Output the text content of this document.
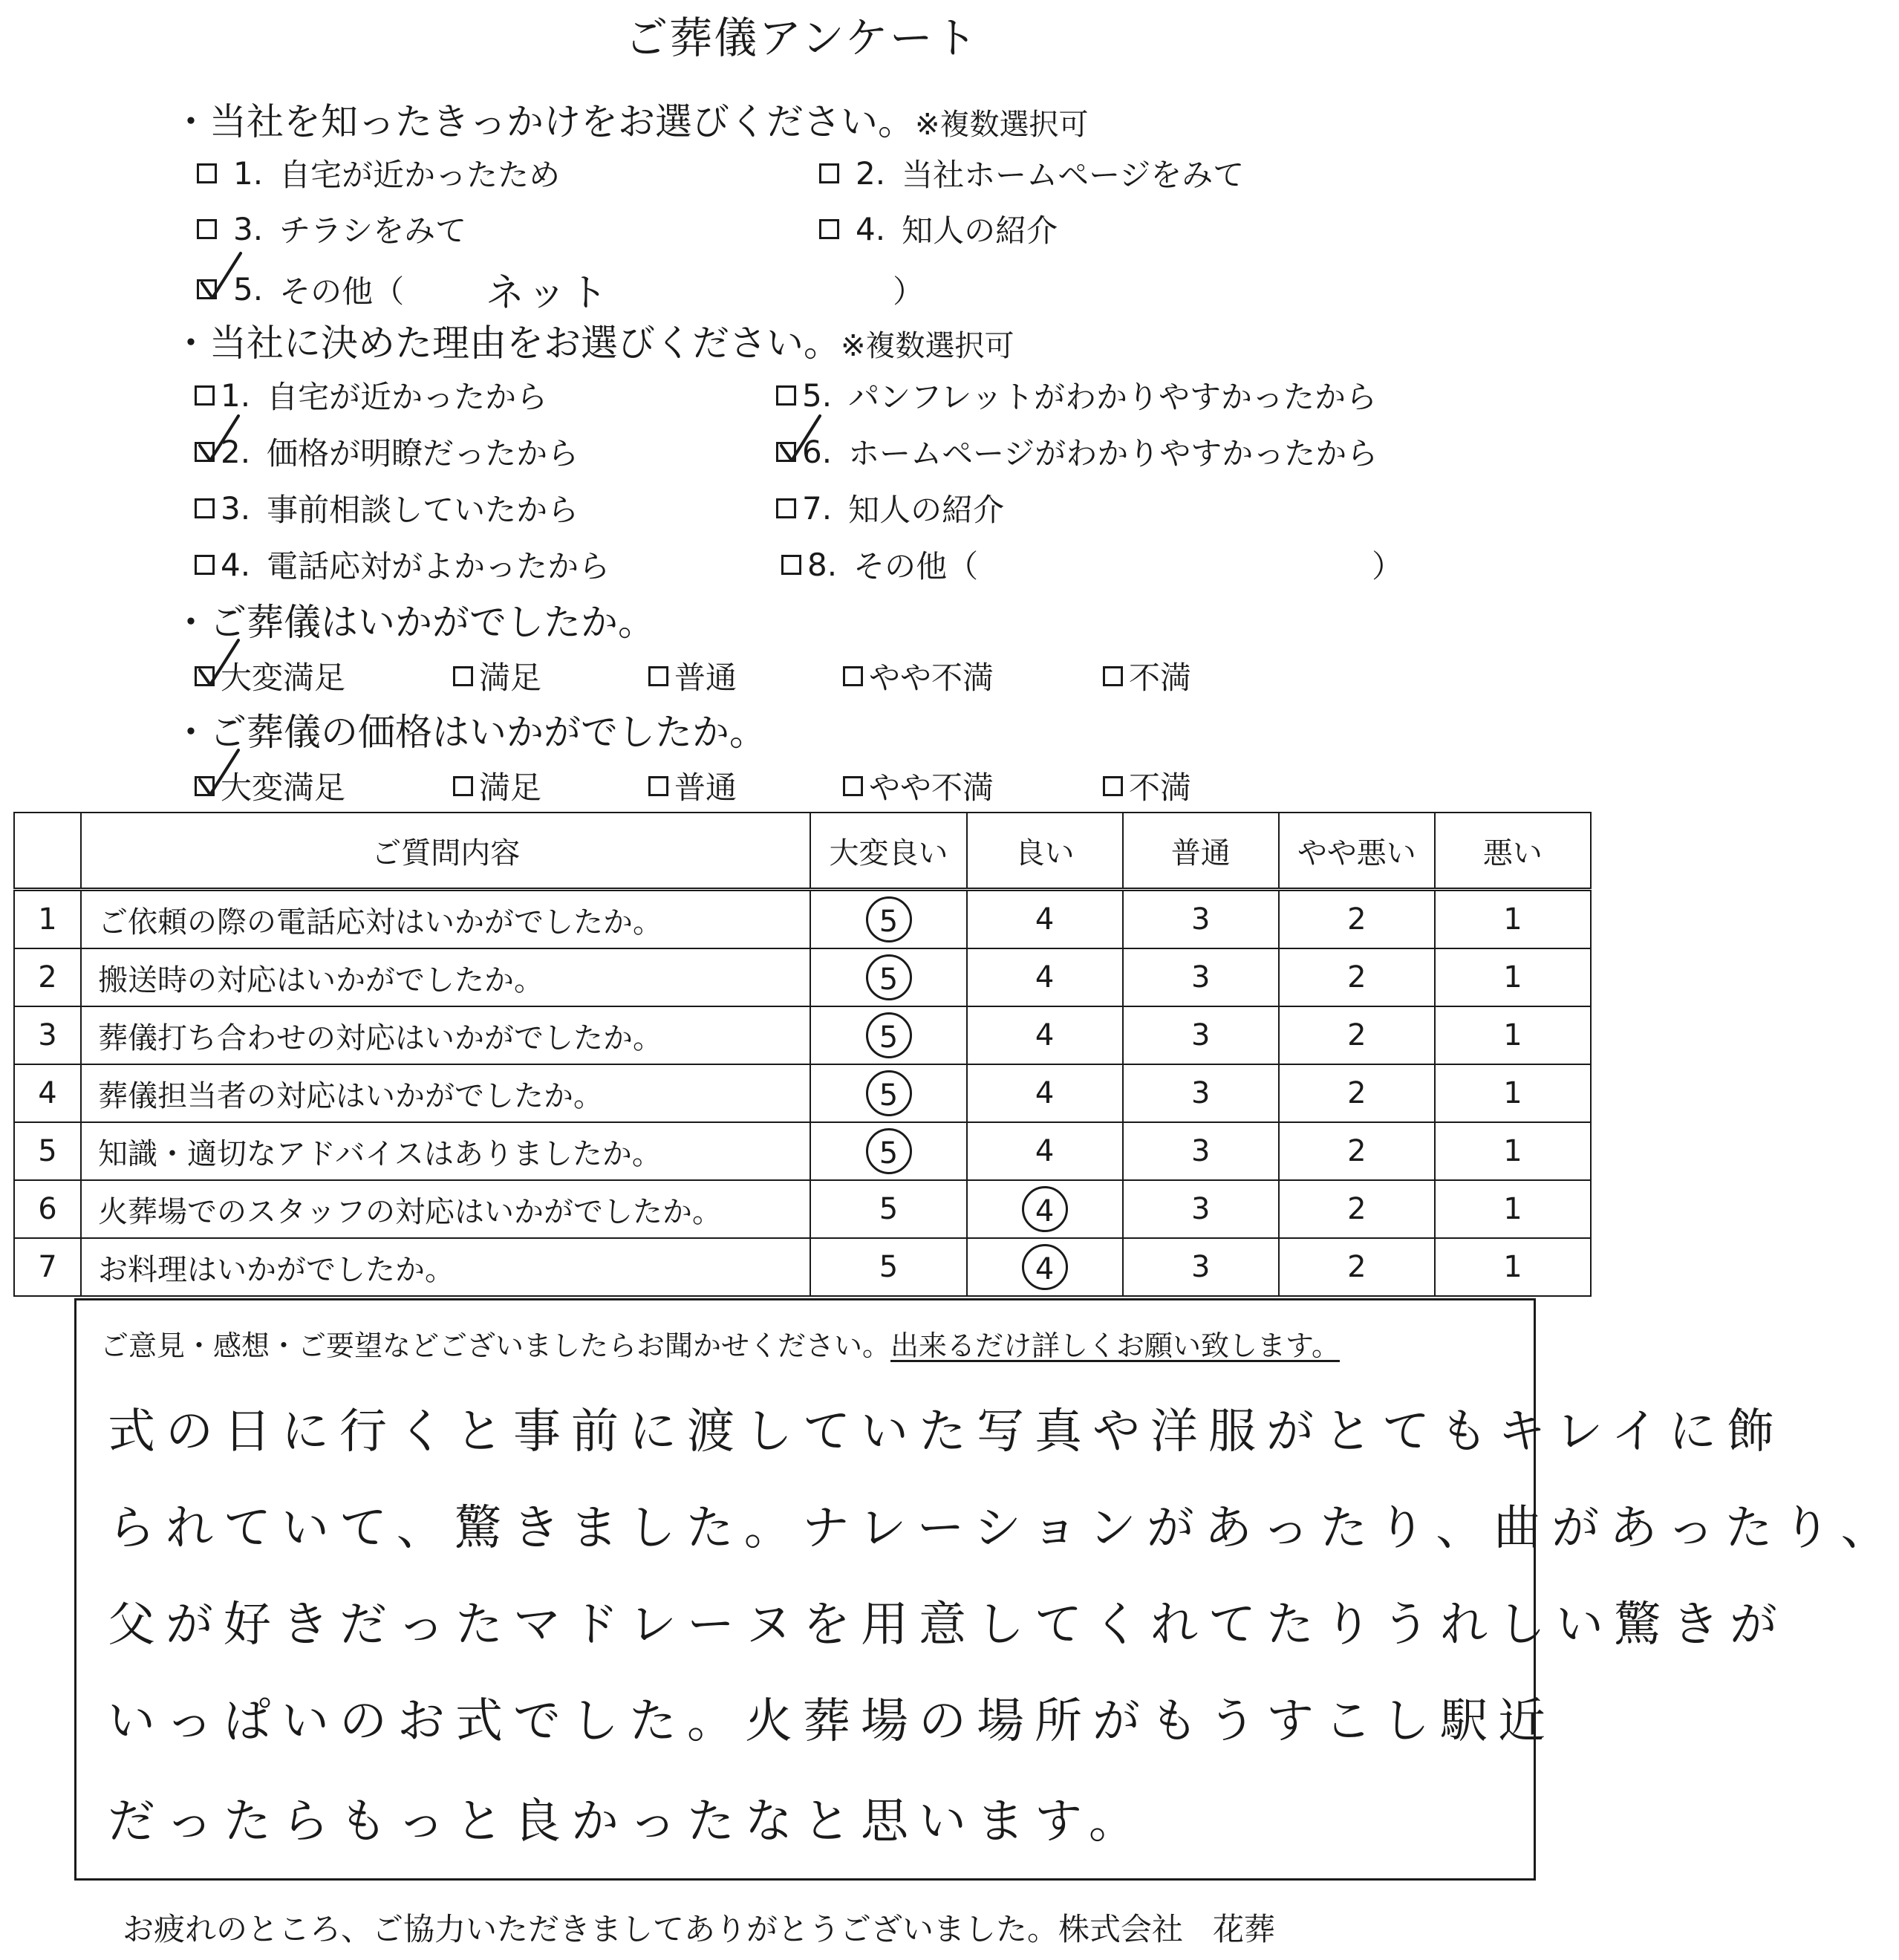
ご葬儀アンケート
・当社を知ったきっかけをお選びください。※複数選択可
1. 自宅が近かったため	2. 当社ホームページをみて
3. チラシをみて	4. 知人の紹介
5. その他（ ネット	）
・当社に決めた理由をお選びください。※複数選択可
1. 自宅が近かったから
2. 価格が明瞭だったから
3. 事前相談していたから
4. 電話応対がよかったから
5. パンフレットがわかりやすかったから
6. ホームページがわかりやすかったから
7. 知人の紹介
8. その他（	）
・ご葬儀はいかがでしたか。
大変満足	満足	普通	やや不満	不満
・ご葬儀の価格はいかがでしたか。
大変満足	満足	普通	やや不満	不満
	ご質問内容	大変良い	良い	普通	やや悪い	悪い
1	ご依頼の際の電話応対はいかがでしたか。	5	4	3	2	1
2	搬送時の対応はいかがでしたか。	5	4	3	2	1
3	葬儀打ち合わせの対応はいかがでしたか。	5	4	3	2	1
4	葬儀担当者の対応はいかがでしたか。	5	4	3	2	1
5	知識・適切なアドバイスはありましたか。	5	4	3	2	1
6	火葬場でのスタッフの対応はいかがでしたか。	5	4	3	2	1
7	お料理はいかがでしたか。	5	4	3	2	1
ご意見・感想・ご要望などございましたらお聞かせください。出来るだけ詳しくお願い致します。
式の日に行くと事前に渡していた写真や洋服がとてもキレイに飾
られていて、驚きました。ナレーションがあったり、曲があったり、
父が好きだったマドレーヌを用意してくれてたりうれしい驚きが
いっぱいのお式でした。火葬場の場所がもうすこし駅近
だったらもっと良かったなと思います。
お疲れのところ、ご協力いただきましてありがとうございました。株式会社 花葬
